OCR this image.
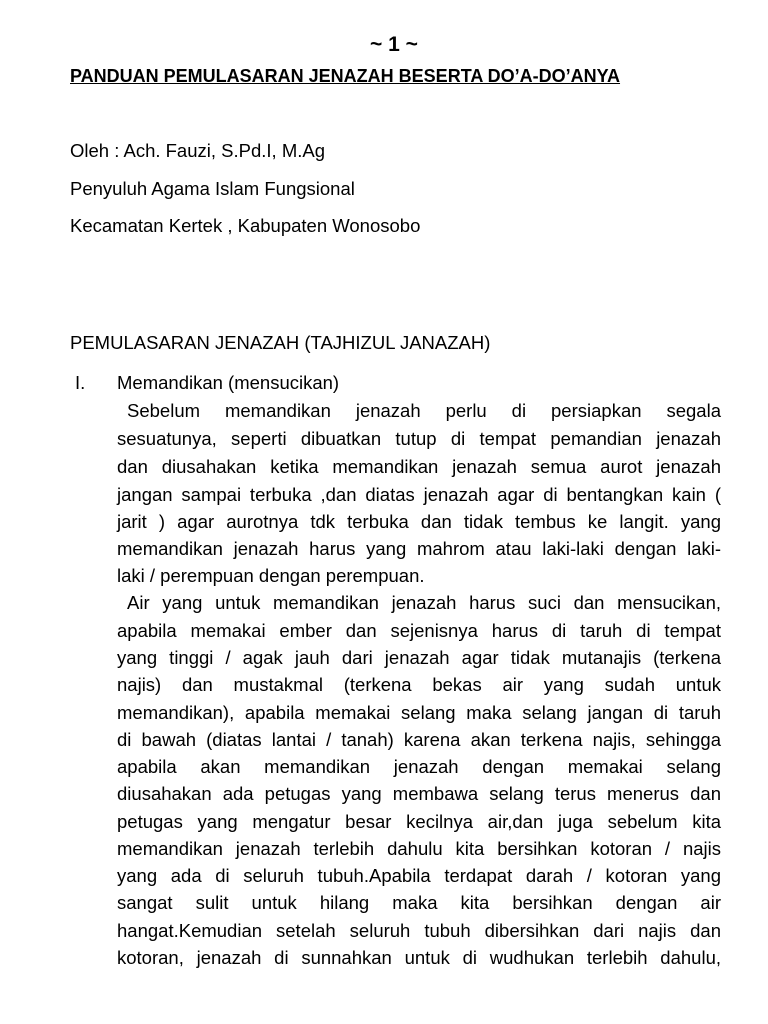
~ 1 ~
PANDUAN PEMULASARAN JENAZAH BESERTA DO’A-DO’ANYA
Oleh : Ach. Fauzi, S.Pd.I, M.Ag
Penyuluh Agama Islam Fungsional
Kecamatan Kertek , Kabupaten Wonosobo
PEMULASARAN JENAZAH (TAJHIZUL JANAZAH)
I. Memandikan (mensucikan)
Sebelum memandikan jenazah perlu di persiapkan segala
sesuatunya, seperti dibuatkan tutup di tempat pemandian jenazah
dan diusahakan ketika memandikan jenazah semua aurot jenazah
jangan sampai terbuka ,dan diatas jenazah agar di bentangkan kain (
jarit ) agar aurotnya tdk terbuka dan tidak tembus ke langit. yang
memandikan jenazah harus yang mahrom atau laki-laki dengan laki-
laki / perempuan dengan perempuan.
Air yang untuk memandikan jenazah harus suci dan mensucikan,
apabila memakai ember dan sejenisnya harus di taruh di tempat
yang tinggi / agak jauh dari jenazah agar tidak mutanajis (terkena
najis) dan mustakmal (terkena bekas air yang sudah untuk
memandikan), apabila memakai selang maka selang jangan di taruh
di bawah (diatas lantai / tanah) karena akan terkena najis, sehingga
apabila akan memandikan jenazah dengan memakai selang
diusahakan ada petugas yang membawa selang terus menerus dan
petugas yang mengatur besar kecilnya air,dan juga sebelum kita
memandikan jenazah terlebih dahulu kita bersihkan kotoran / najis
yang ada di seluruh tubuh.Apabila terdapat darah / kotoran yang
sangat sulit untuk hilang maka kita bersihkan dengan air
hangat.Kemudian setelah seluruh tubuh dibersihkan dari najis dan
kotoran, jenazah di sunnahkan untuk di wudhukan terlebih dahulu,
